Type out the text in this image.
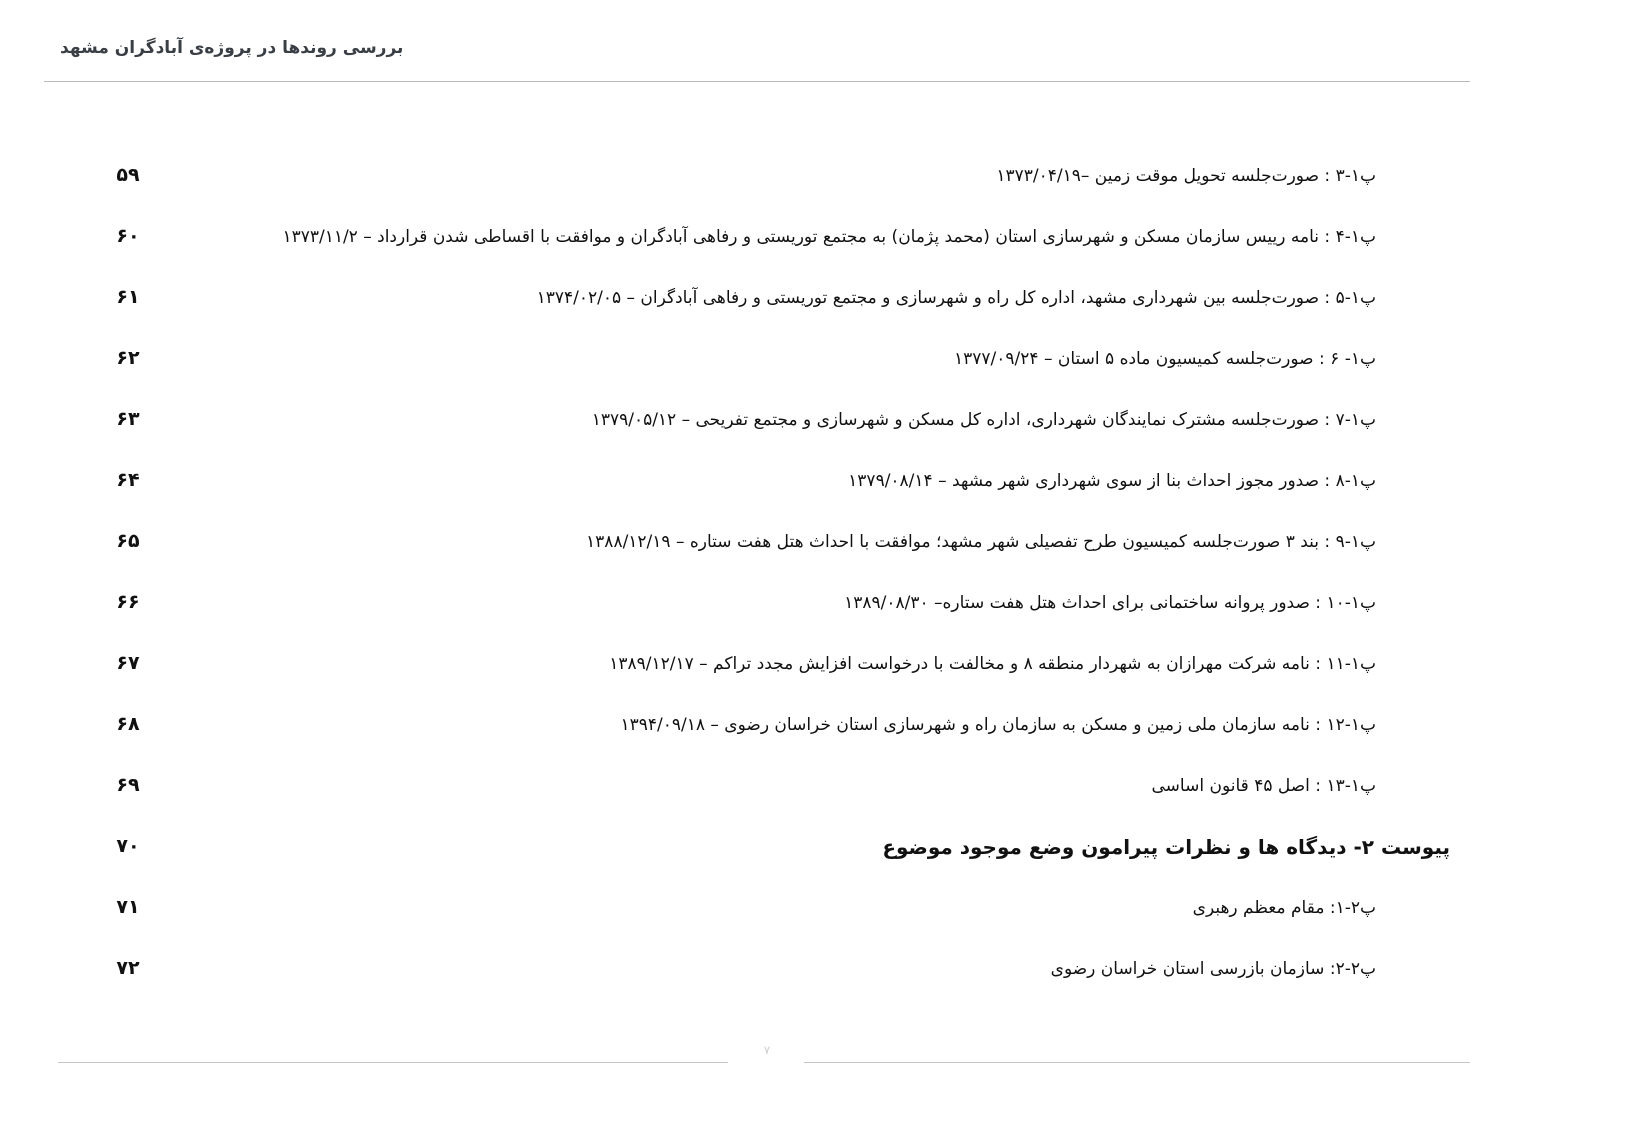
بررسی روندها در پروژه‌ی آبادگران مشهد
پ۱-۳ : صورت‌جلسه تحویل موقت زمین –۱۳۷۳/۰۴/۱۹
۵۹
پ۱-۴ : نامه رییس سازمان مسکن و شهرسازی استان (محمد پژمان) به مجتمع توریستی و رفاهی آبادگران و موافقت با اقساطی شدن قرارداد – ۱۳۷۳/۱۱/۲
۶۰
پ۱-۵ : صورت‌جلسه بین شهرداری مشهد، اداره کل راه و شهرسازی و مجتمع توریستی و رفاهی آبادگران – ۱۳۷۴/۰۲/۰۵
۶۱
پ۱- ۶ : صورت‌جلسه کمیسیون ماده ۵ استان – ۱۳۷۷/۰۹/۲۴
۶۲
پ۱-۷ : صورت‌جلسه مشترک نمایندگان شهرداری، اداره کل مسکن و شهرسازی و مجتمع تفریحی – ۱۳۷۹/۰۵/۱۲
۶۳
پ۱-۸ : صدور مجوز احداث بنا از سوی شهرداری شهر مشهد – ۱۳۷۹/۰۸/۱۴
۶۴
پ۱-۹ : بند ۳ صورت‌جلسه کمیسیون طرح تفصیلی شهر مشهد؛ موافقت با احداث هتل هفت ستاره – ۱۳۸۸/۱۲/۱۹
۶۵
پ۱-۱۰ : صدور پروانه ساختمانی برای احداث هتل هفت ستاره– ۱۳۸۹/۰۸/۳۰
۶۶
پ۱-۱۱ : نامه شرکت مهرازان به شهردار منطقه ۸ و مخالفت با درخواست افزایش مجدد تراکم – ۱۳۸۹/۱۲/۱۷
۶۷
پ۱-۱۲ : نامه سازمان ملی زمین و مسکن به سازمان راه و شهرسازی استان خراسان رضوی – ۱۳۹۴/۰۹/۱۸
۶۸
پ۱-۱۳ : اصل ۴۵ قانون اساسی
۶۹
پیوست ۲- دیدگاه ها و نظرات پیرامون وضع موجود موضوع
۷۰
پ۲-۱: مقام معظم رهبری
۷۱
پ۲-۲: سازمان بازرسی استان خراسان رضوی
۷۲
۷
